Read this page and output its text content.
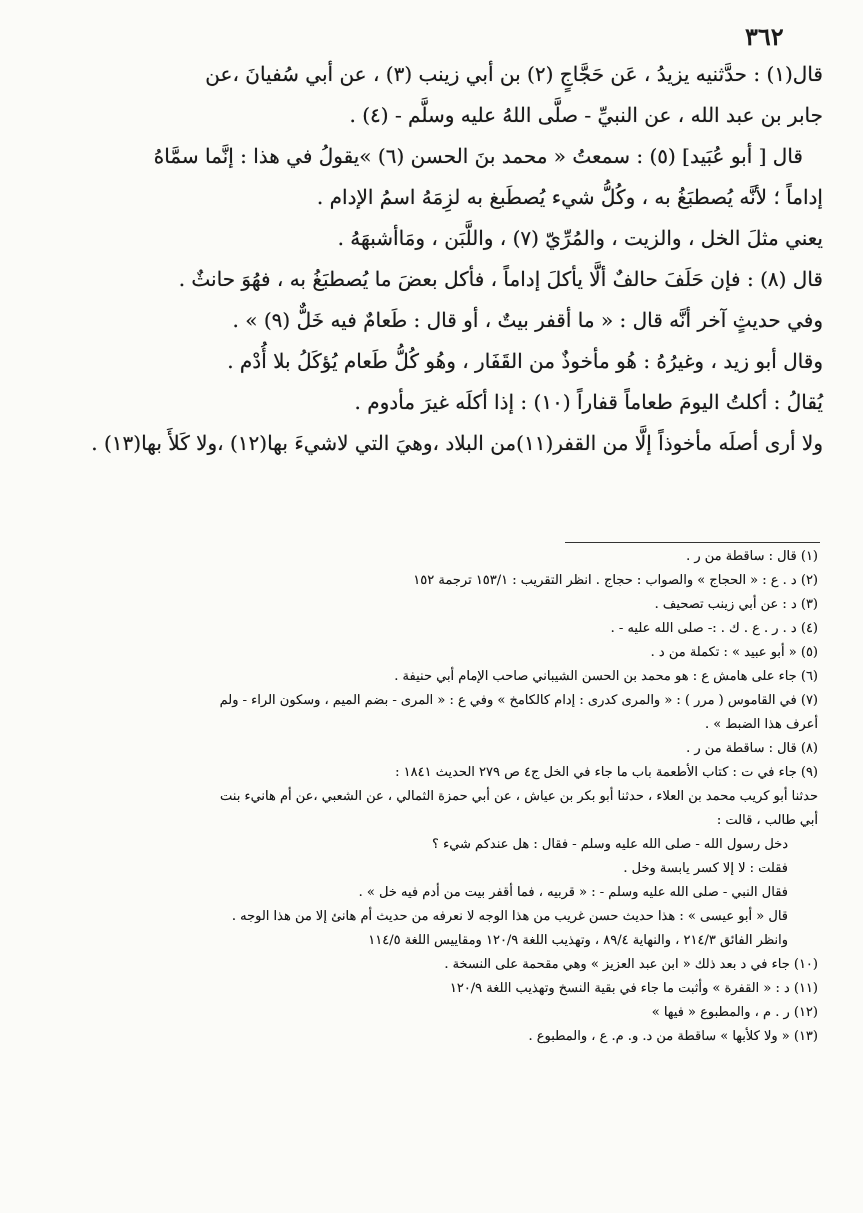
٣٦٢
قال(١) : حدَّثنيه يزيدُ ، عَن حَجَّاجٍ (٢) بن أبي زينب (٣) ، عن أبي سُفيانَ ،عن
جابر بن عبد الله ، عن النبيِّ - صلَّى اللهُ عليه وسلَّم - (٤) .
قال [ أبو عُبَيد] (٥) : سمعتُ « محمد بنَ الحسن (٦) »يقولُ في هذا : إنَّما سمَّاهُ
إداماً ؛ لأنَّه يُصطبَغُ به ، وكُلُّ شيء يُصطَبغ به لزِمَهُ اسمُ الإدام .
يعني مثلَ الخل ، والزيت ، والمُرِّيّ (٧) ، واللَّبَن ، ومَاأشبهَهُ .
قال (٨) : فإن حَلَفَ حالفٌ ألَّا يأكلَ إداماً ، فأكل بعضَ ما يُصطبَغُ به ، فهُوَ حانثٌ .
وفي حديثٍ آخر أنَّه قال : « ما أقفر بيتٌ ، أو قال : طَعامٌ فيه خَلٌّ (٩) » .
وقال أبو زيد ، وغيرُهُ : هُو مأخوذٌ من القَفَار ، وهُو كُلُّ طَعام يُؤكَلُ بلا أُدْم .
يُقالُ : أكلتُ اليومَ طعاماً قفاراً (١٠) : إذا أكلَه غيرَ مأدوم .
ولا أرى أصلَه مأخوذاً إلَّا من القفر(١١)من البلاد ،وهيَ التي لاشيءَ بها(١٢) ،ولا كَلأَ بها(١٣) .
(١) قال : ساقطة من ر .
(٢) د . ع : « الحجاج » والصواب : حجاج . انظر التقريب : ١٥٣/١ ترجمة ١٥٢
(٣) د : عن أبي زينب تصحيف .
(٤) د . ر . ع . ك . :- صلى الله عليه - .
(٥) « أبو عبيد » : تكملة من د .
(٦) جاء على هامش ع : هو محمد بن الحسن الشيباني صاحب الإمام أبي حنيفة .
(٧) في القاموس ( مرر ) : « والمرى كدرى : إدام كالكامخ » وفي ع : « المرى - بضم الميم ، وسكون الراء - ولم
أعرف هذا الضبط » .
(٨) قال : ساقطة من ر .
(٩) جاء في ت : كتاب الأطعمة باب ما جاء في الخل ج٤ ص ٢٧٩ الحديث ١٨٤١ :
حدثنا أبو كريب محمد بن العلاء ، حدثنا أبو بكر بن عياش ، عن أبي حمزة الثمالي ، عن الشعبي ،عن أم هانيء بنت
أبي طالب ، قالت :
دخل رسول الله - صلى الله عليه وسلم - فقال : هل عندكم شيء ؟
فقلت : لا إلا كسر يابسة وخل .
فقال النبي - صلى الله عليه وسلم - : « قربيه ، فما أقفر بيت من أدم فيه خل » .
قال « أبو عيسى » : هذا حديث حسن غريب من هذا الوجه لا نعرفه من حديث أم هانئ إلا من هذا الوجه .
وانظر الفائق ٢١٤/٣ ، والنهاية ٨٩/٤ ، وتهذيب اللغة ١٢٠/٩ ومقاييس اللغة ١١٤/٥
(١٠) جاء في د بعد ذلك « ابن عبد العزيز » وهي مقحمة على النسخة .
(١١) د : « القفرة » وأثبت ما جاء في بقية النسخ وتهذيب اللغة ١٢٠/٩
(١٢) ر . م ، والمطبوع « فيها »
(١٣) « ولا كلأبها » ساقطة من د. و. م. ع ، والمطبوع .
